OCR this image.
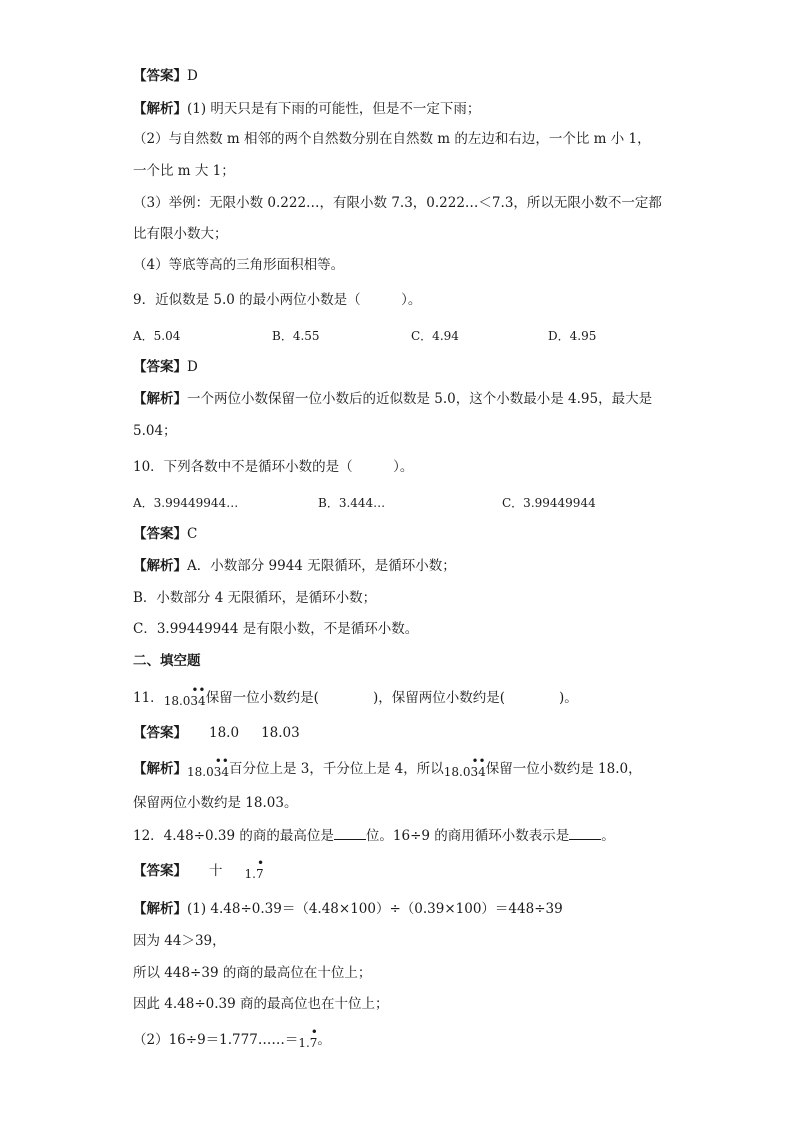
【答案】D
【解析】(1) 明天只是有下雨的可能性，但是不一定下雨；
（2）与自然数 m 相邻的两个自然数分别在自然数 m 的左边和右边，一个比 m 小 1，
一个比 m 大 1；
（3）举例：无限小数 0.222…，有限小数 7.3，0.222…＜7.3，所以无限小数不一定都
比有限小数大；
（4）等底等高的三角形面积相等。
9．近似数是 5.0 的最小两位小数是（　　　）。
A．5.04	B．4.55	C．4.94	D．4.95
【答案】D
【解析】一个两位小数保留一位小数后的近似数是 5.0，这个小数最小是 4.95，最大是
5.04；
10．下列各数中不是循环小数的是（　　　）。
A．3.99449944…	B．3.444…	C．3.99449944
【答案】C
【解析】A．小数部分 9944 无限循环，是循环小数；
B．小数部分 4 无限循环，是循环小数；
C．3.99449944 是有限小数，不是循环小数。
二、填空题
11．18.034
• • 保留一位小数约是(　　　　)，保留两位小数约是(　　　　)。
【答案】 18.0 18.03
【解析】18.034
• • 百分位上是 3，千分位上是 4，所以18.034
• • 保留一位小数约是 18.0，
保留两位小数约是 18.03。
12．4.48÷0.39 的商的最高位是 位。16÷9 的商用循环小数表示是 。
【答案】 十 1.7
•
【解析】(1) 4.48÷0.39＝（4.48×100）÷（0.39×100）＝448÷39
因为 44＞39，
所以 448÷39 的商的最高位在十位上；
因此 4.48÷0.39 商的最高位也在十位上；
（2）16÷9＝1.777……＝1.7
• 。
